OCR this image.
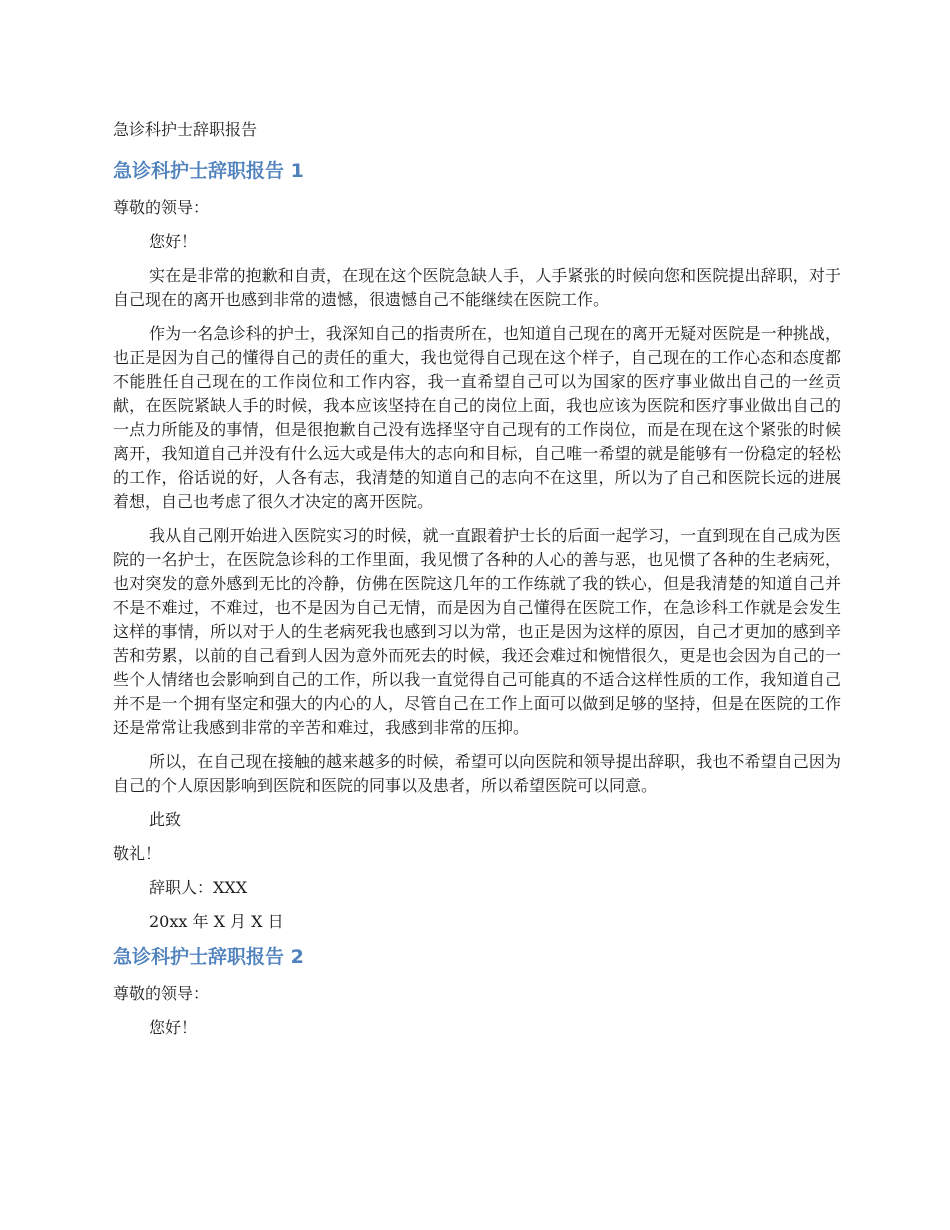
急诊科护士辞职报告
急诊科护士辞职报告 1

尊敬的领导：

您好！

实在是非常的抱歉和自责，在现在这个医院急缺人手，人手紧张的时候向您和医院提出辞职，对于自己现在的离开也感到非常的遗憾，很遗憾自己不能继续在医院工作。

作为一名急诊科的护士，我深知自己的指责所在，也知道自己现在的离开无疑对医院是一种挑战，也正是因为自己的懂得自己的责任的重大，我也觉得自己现在这个样子，自己现在的工作心态和态度都不能胜任自己现在的工作岗位和工作内容，我一直希望自己可以为国家的医疗事业做出自己的一丝贡献，在医院紧缺人手的时候，我本应该坚持在自己的岗位上面，我也应该为医院和医疗事业做出自己的一点力所能及的事情，但是很抱歉自己没有选择坚守自己现有的工作岗位，而是在现在这个紧张的时候离开，我知道自己并没有什么远大或是伟大的志向和目标，自己唯一希望的就是能够有一份稳定的轻松的工作，俗话说的好，人各有志，我清楚的知道自己的志向不在这里，所以为了自己和医院长远的进展着想，自己也考虑了很久才决定的离开医院。

我从自己刚开始进入医院实习的时候，就一直跟着护士长的后面一起学习，一直到现在自己成为医院的一名护士，在医院急诊科的工作里面，我见惯了各种的人心的善与恶，也见惯了各种的生老病死，也对突发的意外感到无比的冷静，仿佛在医院这几年的工作练就了我的铁心，但是我清楚的知道自己并不是不难过，不难过，也不是因为自己无情，而是因为自己懂得在医院工作，在急诊科工作就是会发生这样的事情，所以对于人的生老病死我也感到习以为常，也正是因为这样的原因，自己才更加的感到辛苦和劳累，以前的自己看到人因为意外而死去的时候，我还会难过和惋惜很久，更是也会因为自己的一些个人情绪也会影响到自己的工作，所以我一直觉得自己可能真的不适合这样性质的工作，我知道自己并不是一个拥有坚定和强大的内心的人，尽管自己在工作上面可以做到足够的坚持，但是在医院的工作还是常常让我感到非常的辛苦和难过，我感到非常的压抑。

所以，在自己现在接触的越来越多的时候，希望可以向医院和领导提出辞职，我也不希望自己因为自己的个人原因影响到医院和医院的同事以及患者，所以希望医院可以同意。

此致

敬礼！

辞职人：XXX

20xx 年 X 月 X 日

急诊科护士辞职报告 2

尊敬的领导：

您好！
